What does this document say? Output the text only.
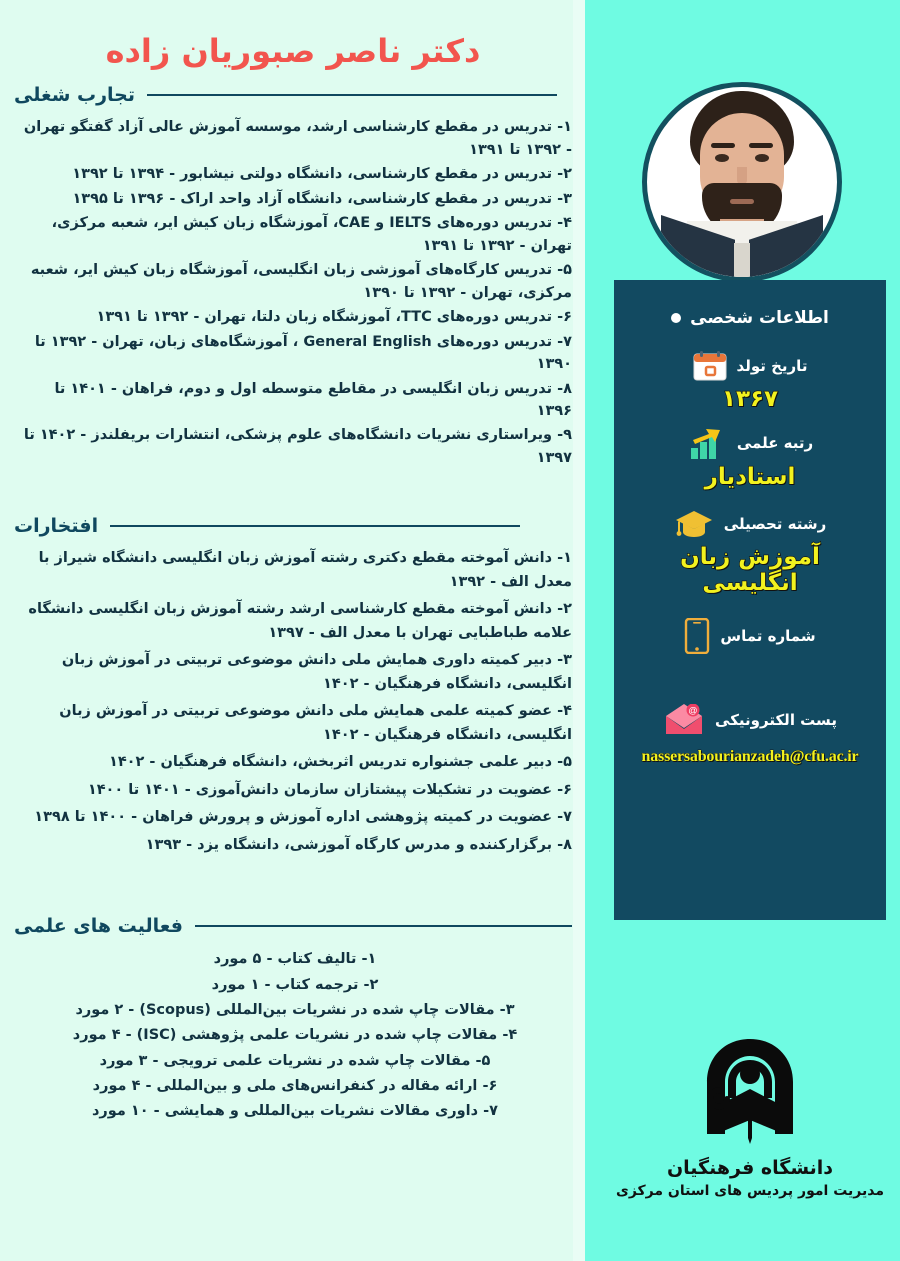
دکتر ناصر صبوریان زاده
تجارب شغلی
۱- تدریس در مقطع کارشناسی ارشد، موسسه آموزش عالی آزاد گفتگو تهران - ۱۳۹۲ تا ۱۳۹۱
۲- تدریس در مقطع کارشناسی، دانشگاه دولتی نیشابور - ۱۳۹۴ تا ۱۳۹۲
۳- تدریس در مقطع کارشناسی، دانشگاه آزاد واحد اراک - ۱۳۹۶ تا ۱۳۹۵
۴- تدریس دوره‌های IELTS و CAE، آموزشگاه زبان کیش ایر، شعبه مرکزی، تهران - ۱۳۹۲ تا ۱۳۹۱
۵- تدریس کارگاه‌های آموزشی زبان انگلیسی، آموزشگاه زبان کیش ایر، شعبه مرکزی، تهران - ۱۳۹۲ تا ۱۳۹۰
۶- تدریس دوره‌های TTC، آموزشگاه زبان دلتا، تهران - ۱۳۹۲ تا ۱۳۹۱
۷- تدریس دوره‌های General English ، آموزشگاه‌های زبان، تهران - ۱۳۹۲ تا ۱۳۹۰
۸- تدریس زبان انگلیسی در مقاطع متوسطه اول و دوم، فراهان - ۱۴۰۱ تا ۱۳۹۶
۹- ویراستاری نشریات دانشگاه‌های علوم پزشکی، انتشارات بریفلندز - ۱۴۰۲ تا ۱۳۹۷
افتخارات
۱- دانش آموخته مقطع دکتری رشته آموزش زبان انگلیسی دانشگاه شیراز با معدل الف - ۱۳۹۲
۲- دانش آموخته مقطع کارشناسی ارشد رشته آموزش زبان انگلیسی دانشگاه علامه طباطبایی تهران با معدل الف - ۱۳۹۷
۳- دبیر کمیته داوری همایش ملی دانش موضوعی تربیتی در آموزش زبان انگلیسی، دانشگاه فرهنگیان - ۱۴۰۲
۴- عضو کمیته علمی همایش ملی دانش موضوعی تربیتی در آموزش زبان انگلیسی، دانشگاه فرهنگیان - ۱۴۰۲
۵- دبیر علمی جشنواره تدریس اثربخش، دانشگاه فرهنگیان - ۱۴۰۲
۶- عضویت در تشکیلات پیشتازان سازمان دانش‌آموزی - ۱۴۰۱ تا ۱۴۰۰
۷- عضویت در کمیته پژوهشی اداره آموزش و پرورش فراهان - ۱۴۰۰ تا ۱۳۹۸
۸- برگزارکننده و مدرس کارگاه آموزشی، دانشگاه یزد - ۱۳۹۳
فعالیت های علمی
۱- تالیف کتاب - ۵ مورد
۲- ترجمه کتاب - ۱ مورد
۳- مقالات چاپ شده در نشریات بین‌المللی (Scopus) - ۲ مورد
۴- مقالات چاپ شده در نشریات علمی پژوهشی (ISC) - ۴ مورد
۵- مقالات چاپ شده در نشریات علمی ترویجی - ۳ مورد
۶- ارائه مقاله در کنفرانس‌های ملی و بین‌المللی - ۴ مورد
۷- داوری مقالات نشریات بین‌المللی و همایشی - ۱۰ مورد
اطلاعات شخصی
تاریخ تولد
۱۳۶۷
رتبه علمی
استادیار
رشته تحصیلی
آموزش زبان انگلیسی
شماره تماس
@
پست الکترونیکی
nassersabourianzadeh@cfu.ac.ir
دانشگاه فرهنگیان
مدیریت امور پردیس های استان مرکزی
